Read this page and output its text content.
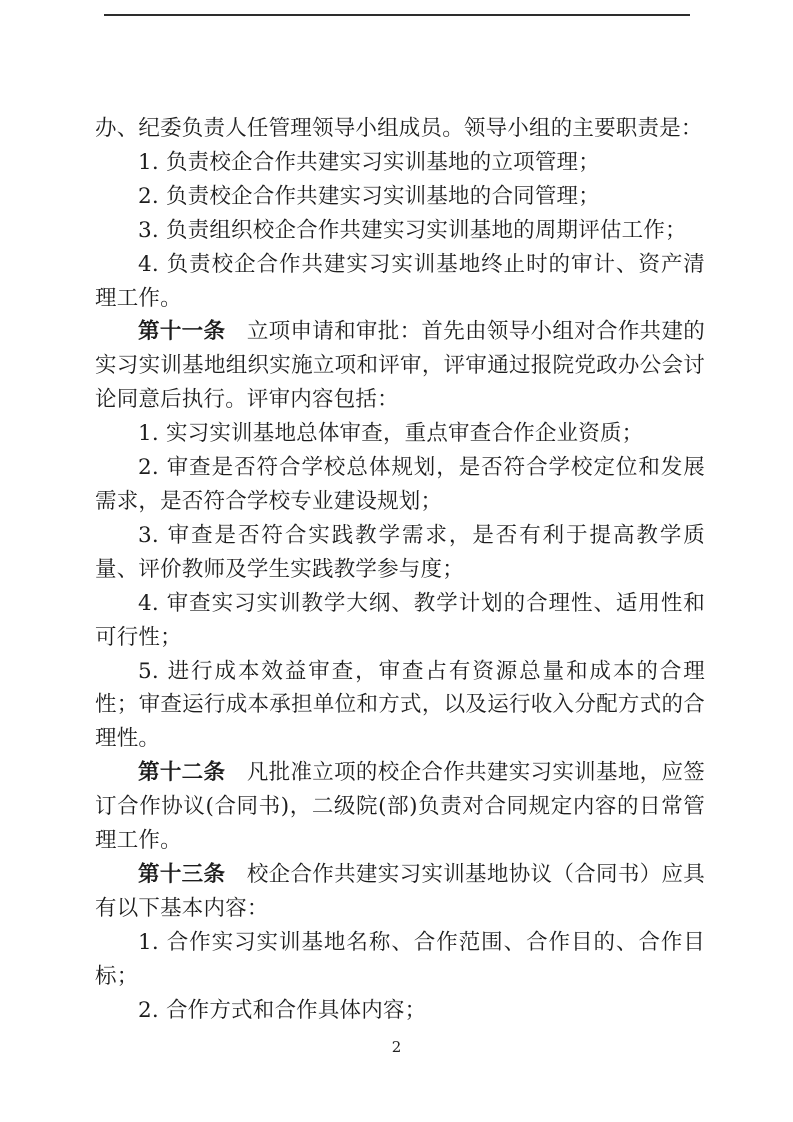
办、纪委负责人任管理领导小组成员。领导小组的主要职责是：

1. 负责校企合作共建实习实训基地的立项管理；

2. 负责校企合作共建实习实训基地的合同管理；

3. 负责组织校企合作共建实习实训基地的周期评估工作；

4. 负责校企合作共建实习实训基地终止时的审计、资产清理工作。

第十一条 立项申请和审批：首先由领导小组对合作共建的实习实训基地组织实施立项和评审，评审通过报院党政办公会讨论同意后执行。评审内容包括：

1. 实习实训基地总体审查，重点审查合作企业资质；

2. 审查是否符合学校总体规划，是否符合学校定位和发展需求，是否符合学校专业建设规划；

3. 审查是否符合实践教学需求，是否有利于提高教学质量、评价教师及学生实践教学参与度；

4. 审查实习实训教学大纲、教学计划的合理性、适用性和可行性；

5. 进行成本效益审查，审查占有资源总量和成本的合理性；审查运行成本承担单位和方式，以及运行收入分配方式的合理性。

第十二条 凡批准立项的校企合作共建实习实训基地，应签订合作协议(合同书)，二级院(部)负责对合同规定内容的日常管理工作。

第十三条 校企合作共建实习实训基地协议（合同书）应具有以下基本内容：

1. 合作实习实训基地名称、合作范围、合作目的、合作目标；

2. 合作方式和合作具体内容；

2
